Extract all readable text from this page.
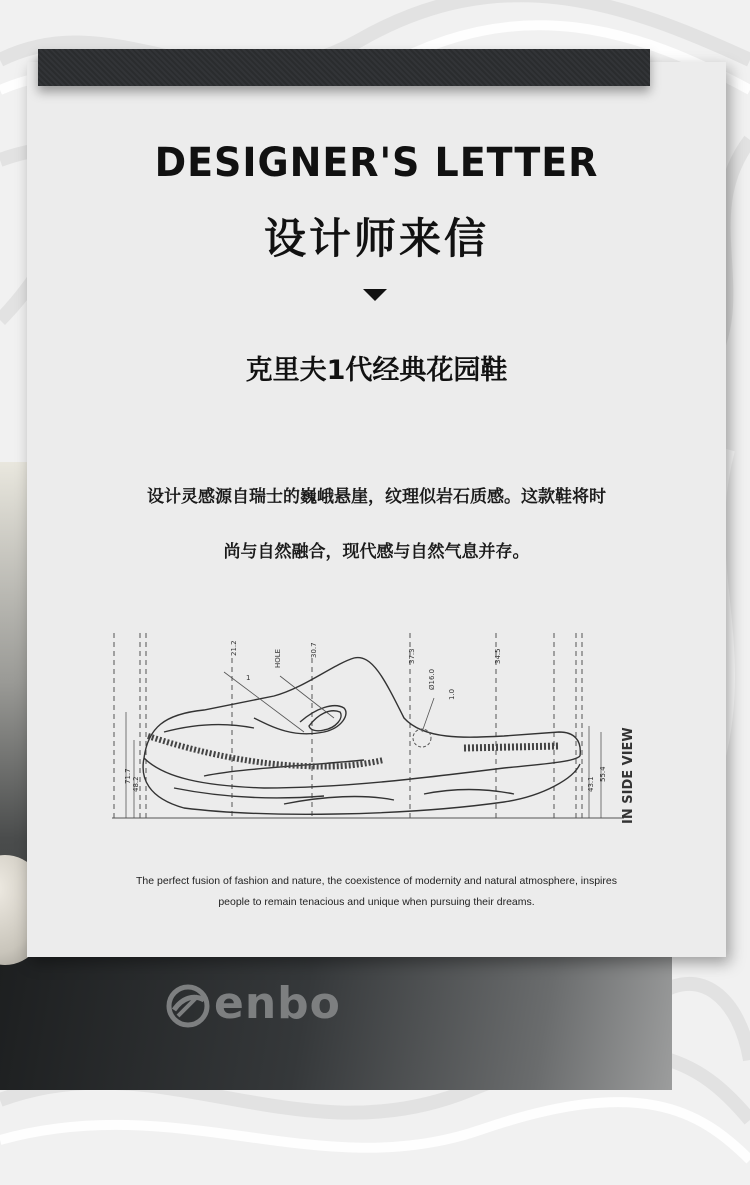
DESIGNER'S LETTER
设计师来信
克里夫1代经典花园鞋
设计灵感源自瑞士的巍峨悬崖，纹理似岩石质感。这款鞋将时
尚与自然融合，现代感与自然气息并存。
21.2	30.7	37.3	34.5
HOLE
Ø16.0
1.0
1
71.7
48.2	43.1
55.4 IN SIDE VIEW
The perfect fusion of fashion and nature, the coexistence of modernity and natural atmosphere, inspires
people to remain tenacious and unique when pursuing their dreams.
enbo
